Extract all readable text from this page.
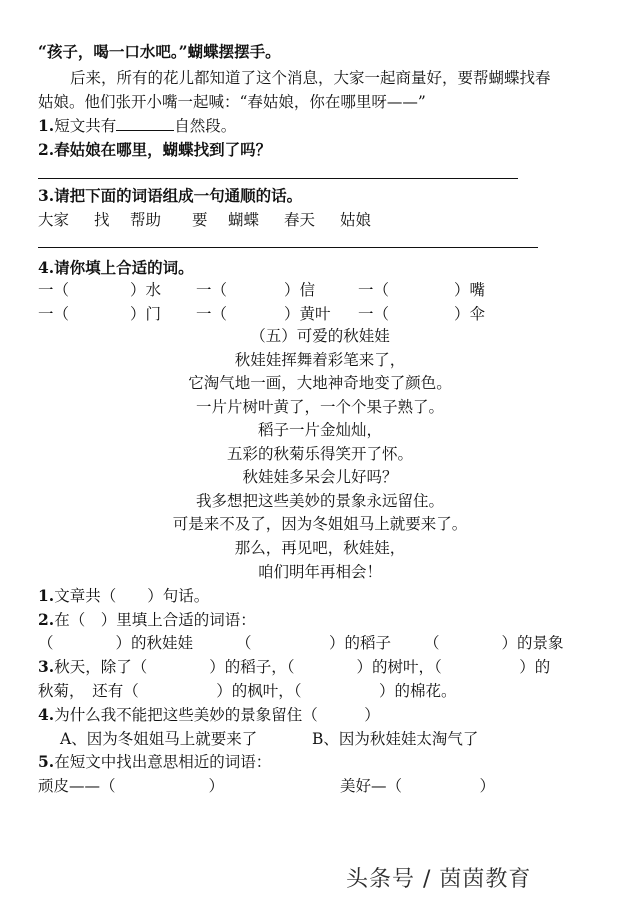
“孩子，喝一口水吧。”蝴蝶摆摆手。
后来，所有的花儿都知道了这个消息，大家一起商量好，要帮蝴蝶找春
姑娘。他们张开小嘴一起喊：“春姑娘，你在哪里呀——”
1.短文共有	自然段。
2.春姑娘在哪里，蝴蝶找到了吗？
3.请把下面的词语组成一句通顺的话。
大家 找 帮助 要 蝴蝶 春天 姑娘
4.请你填上合适的词。
一（	）水 一（	）信	一（	）嘴
一（	）门 一（	）黄叶 一（	）伞
（五）可爱的秋娃娃
秋娃娃挥舞着彩笔来了，
它淘气地一画，大地神奇地变了颜色。
一片片树叶黄了，一个个果子熟了。
稻子一片金灿灿，
五彩的秋菊乐得笑开了怀。
秋娃娃多呆会儿好吗？
我多想把这些美妙的景象永远留住。
可是来不及了，因为冬姐姐马上就要来了。
那么，再见吧，秋娃娃，
咱们明年再相会！
1.文章共（　　）句话。
2.在（　）里填上合适的词语：
（　　　　）的秋娃娃	（　　　　　）的稻子 （　　　　）的景象
3.秋天，除了（　　　　）的稻子，（　　　　）的树叶，（　　　　　）的
秋菊，　还有（　　　　　）的枫叶，（　　　　　）的棉花。
4.为什么我不能把这些美妙的景象留住（　　　）
A、因为冬姐姐马上就要来了	B、因为秋娃娃太淘气了
5.在短文中找出意思相近的词语：
顽皮——（　　　　　　）	美好—（　　　　　）
头条号 / 茵茵教育
